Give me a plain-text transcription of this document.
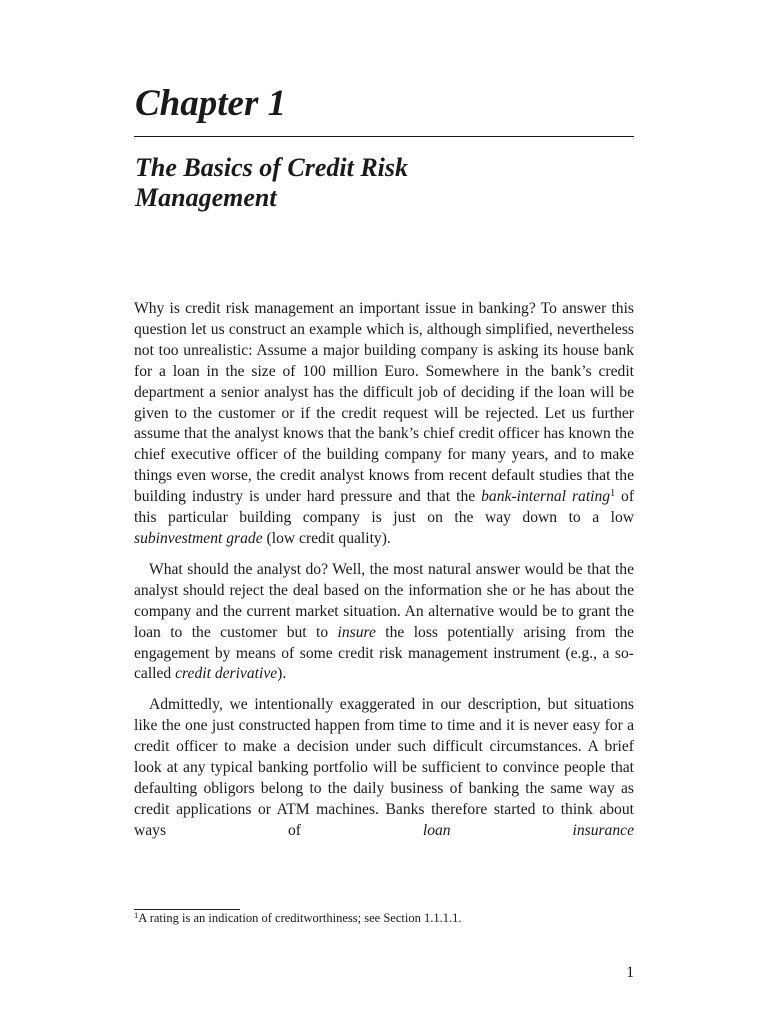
Chapter 1
The Basics of Credit Risk
Management

Why is credit risk management an important issue in banking? To answer this question let us construct an example which is, although simplified, nevertheless not too unrealistic: Assume a major building company is asking its house bank for a loan in the size of 100 million Euro. Somewhere in the bank’s credit department a senior analyst has the difficult job of deciding if the loan will be given to the customer or if the credit request will be rejected. Let us further assume that the analyst knows that the bank’s chief credit officer has known the chief executive officer of the building company for many years, and to make things even worse, the credit analyst knows from recent default studies that the building industry is under hard pressure and that the bank-internal rating$^1$ of this particular building company is just on the way down to a low subinvestment grade (low credit quality).

What should the analyst do? Well, the most natural answer would be that the analyst should reject the deal based on the information she or he has about the company and the current market situation. An alternative would be to grant the loan to the customer but to insure the loss potentially arising from the engagement by means of some credit risk management instrument (e.g., a so-called credit derivative).

Admittedly, we intentionally exaggerated in our description, but situations like the one just constructed happen from time to time and it is never easy for a credit officer to make a decision under such difficult circumstances. A brief look at any typical banking portfolio will be sufficient to convince people that defaulting obligors belong to the daily business of banking the same way as credit applications or ATM machines. Banks therefore started to think about ways of loan insurance

$^1$A rating is an indication of creditworthiness; see Section 1.1.1.1.
1
